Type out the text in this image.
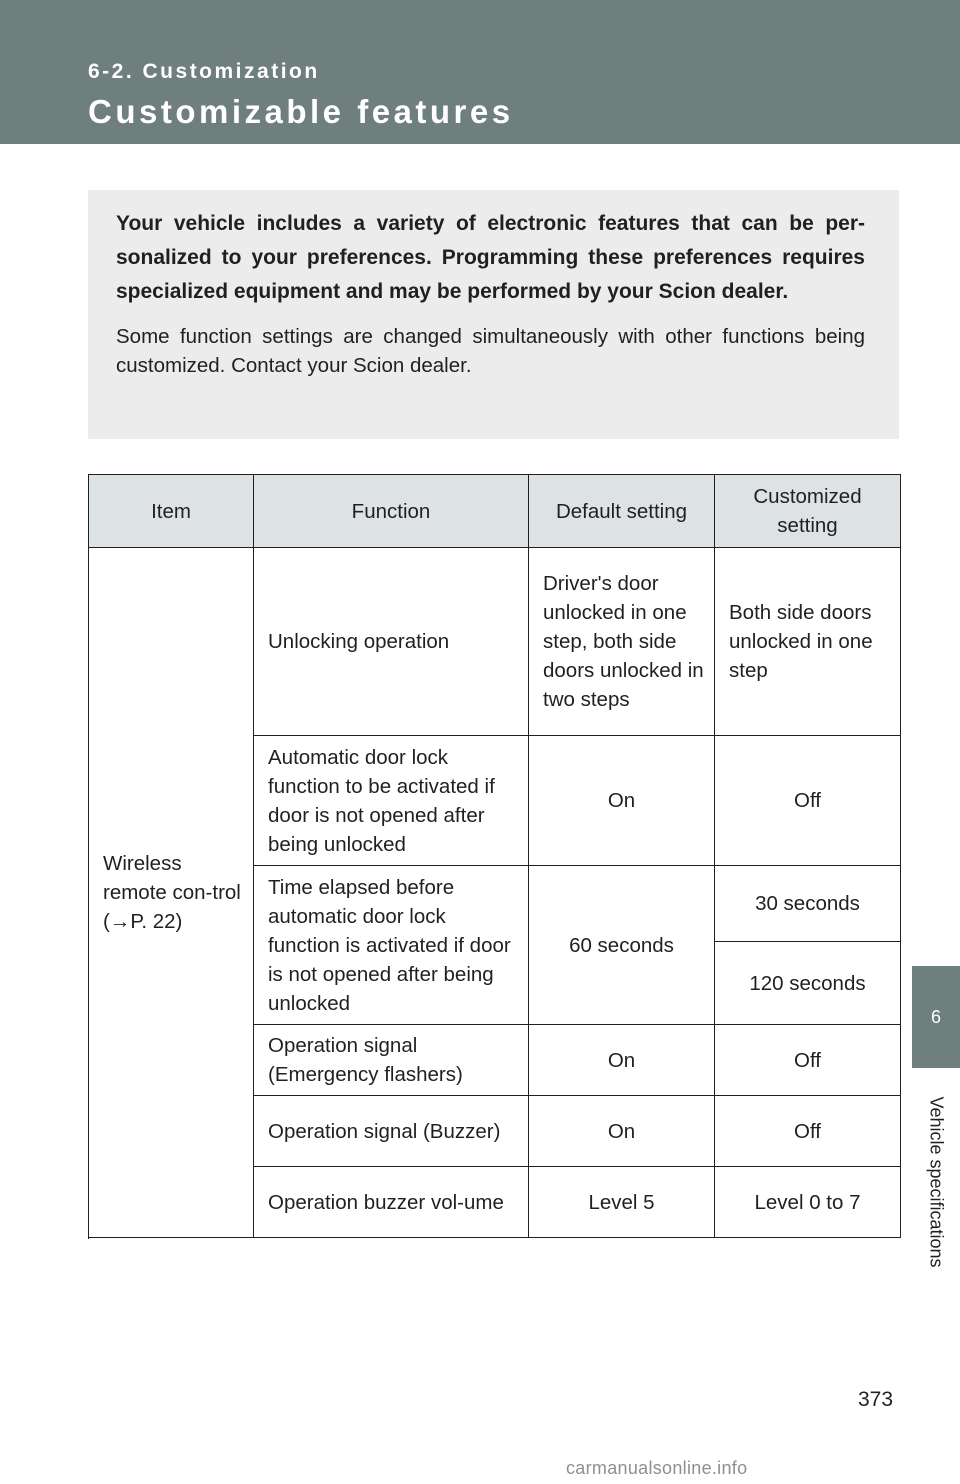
6-2. Customization
Customizable features

Your vehicle includes a variety of electronic features that can be per-sonalized to your preferences. Programming these preferences requires specialized equipment and may be performed by your Scion dealer.

Some function settings are changed simultaneously with other functions being customized. Contact your Scion dealer.

Item	Function	Default setting	Customized setting

Wireless remote con-trol
(→P. 22)	Unlocking operation	Driver's door unlocked in one step, both side doors unlocked in two steps	Both side doors unlocked in one step
	Automatic door lock function to be activated if door is not opened after being unlocked	On	Off
	Time elapsed before automatic door lock function is activated if door is not opened after being unlocked	60 seconds	30 seconds
			120 seconds
	Operation signal (Emergency flashers)	On	Off
	Operation signal (Buzzer)	On	Off
	Operation buzzer vol-ume	Level 5	Level 0 to 7

6
Vehicle specifications
373
carmanualsonline.info
